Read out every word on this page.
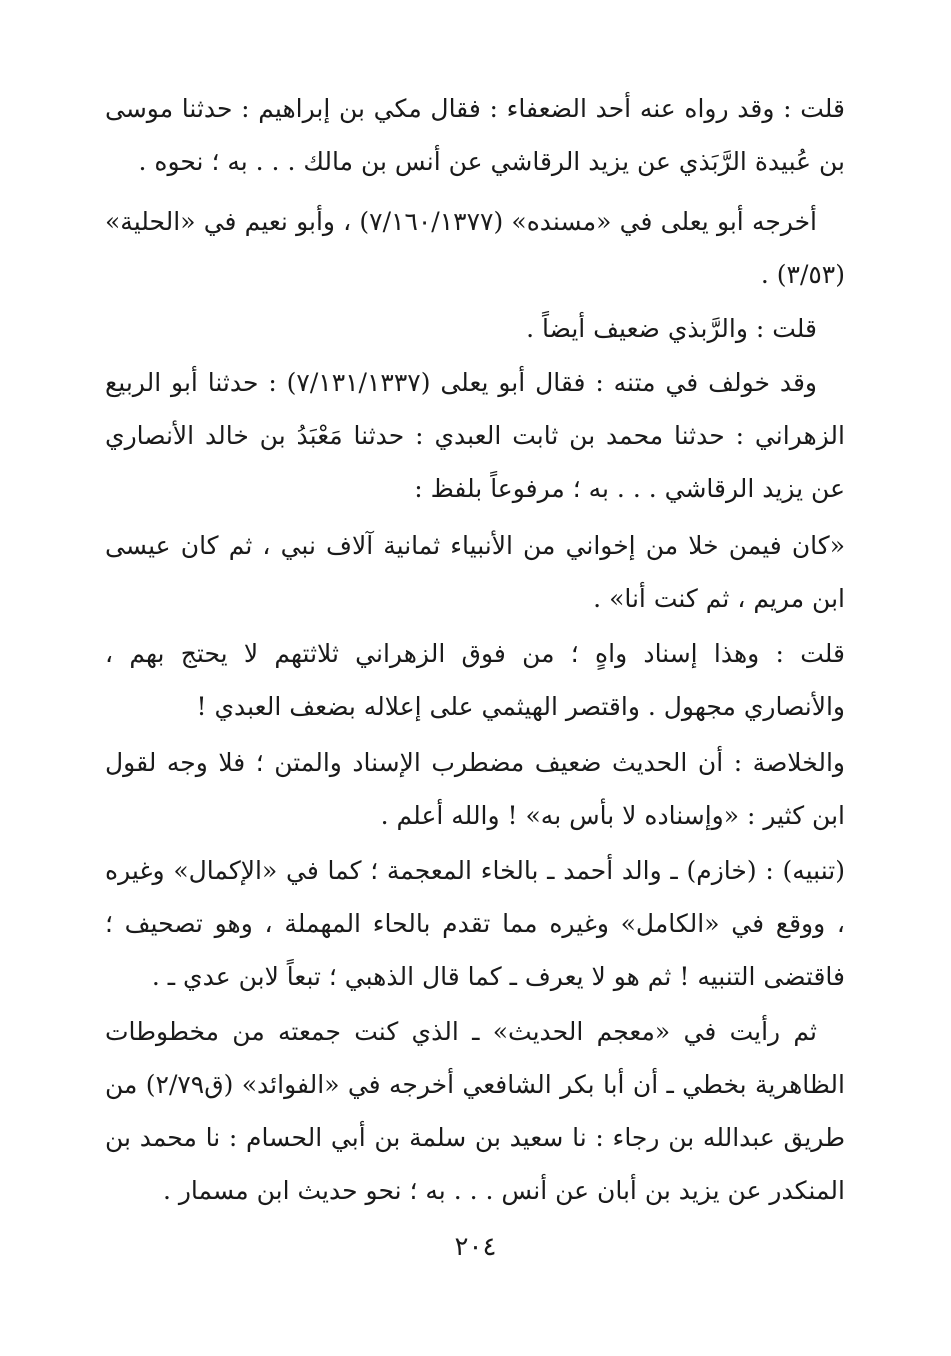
قلت : وقد رواه عنه أحد الضعفاء : فقال مكي بن إبراهيم : حدثنا موسى بن عُبيدة الرَّبَذي عن يزيد الرقاشي عن أنس بن مالك . . . به ؛ نحوه .

أخرجه أبو يعلى في «مسنده» (٧/١٦٠/١٣٧٧) ، وأبو نعيم في «الحلية» (٣/٥٣) .

قلت : والرَّبذي ضعيف أيضاً .

وقد خولف في متنه : فقال أبو يعلى (٧/١٣١/١٣٣٧) : حدثنا أبو الربيع الزهراني : حدثنا محمد بن ثابت العبدي : حدثنا مَعْبَدُ بن خالد الأنصاري عن يزيد الرقاشي . . . به ؛ مرفوعاً بلفظ :

«كان فيمن خلا من إخواني من الأنبياء ثمانية آلاف نبي ، ثم كان عيسى ابن مريم ، ثم كنت أنا» .

قلت : وهذا إسناد واهٍ ؛ من فوق الزهراني ثلاثتهم لا يحتج بهم ، والأنصاري مجهول . واقتصر الهيثمي على إعلاله بضعف العبدي !

والخلاصة : أن الحديث ضعيف مضطرب الإسناد والمتن ؛ فلا وجه لقول ابن كثير : «وإسناده لا بأس به» ! والله أعلم .

(تنبيه) : (خازم) ـ والد أحمد ـ بالخاء المعجمة ؛ كما في «الإكمال» وغيره ، ووقع في «الكامل» وغيره مما تقدم بالحاء المهملة ، وهو تصحيف ؛ فاقتضى التنبيه ! ثم هو لا يعرف ـ كما قال الذهبي ؛ تبعاً لابن عدي ـ .

ثم رأيت في «معجم الحديث» ـ الذي كنت جمعته من مخطوطات الظاهرية بخطي ـ أن أبا بكر الشافعي أخرجه في «الفوائد» (ق٢/٧٩) من طريق عبدالله بن رجاء : نا سعيد بن سلمة بن أبي الحسام : نا محمد بن المنكدر عن يزيد بن أبان عن أنس . . . به ؛ نحو حديث ابن مسمار .

٢٠٤
